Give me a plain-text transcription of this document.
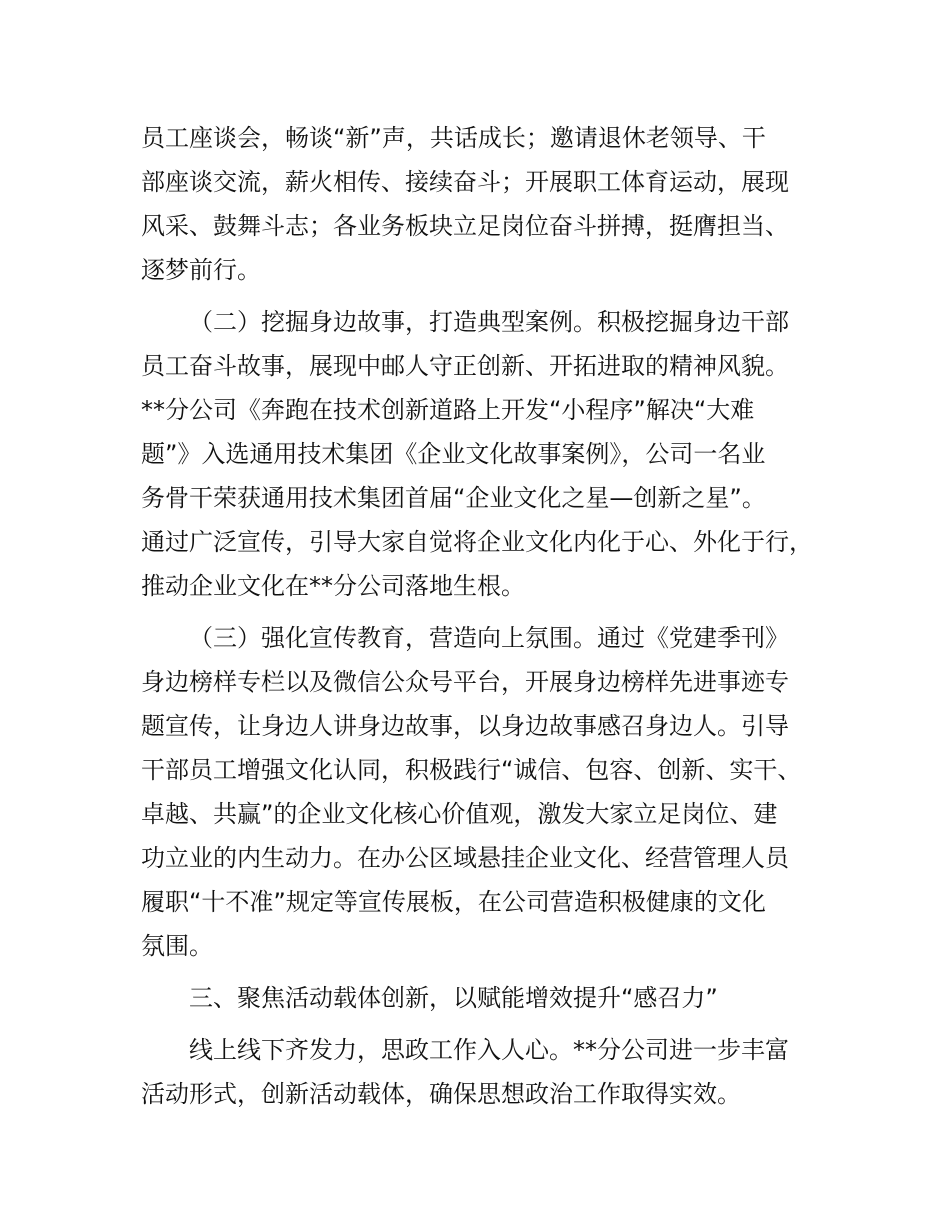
员工座谈会，畅谈“新”声，共话成长；邀请退休老领导、干
部座谈交流，薪火相传、接续奋斗；开展职工体育运动，展现
风采、鼓舞斗志；各业务板块立足岗位奋斗拼搏，挺膺担当、
逐梦前行。

（二）挖掘身边故事，打造典型案例。积极挖掘身边干部
员工奋斗故事，展现中邮人守正创新、开拓进取的精神风貌。
**分公司《奔跑在技术创新道路上开发“小程序”解决“大难
题”》入选通用技术集团《企业文化故事案例》，公司一名业
务骨干荣获通用技术集团首届“企业文化之星—创新之星”。
通过广泛宣传，引导大家自觉将企业文化内化于心、外化于行，
推动企业文化在**分公司落地生根。

（三）强化宣传教育，营造向上氛围。通过《党建季刊》
身边榜样专栏以及微信公众号平台，开展身边榜样先进事迹专
题宣传，让身边人讲身边故事，以身边故事感召身边人。引导
干部员工增强文化认同，积极践行“诚信、包容、创新、实干、
卓越、共赢”的企业文化核心价值观，激发大家立足岗位、建
功立业的内生动力。在办公区域悬挂企业文化、经营管理人员
履职“十不准”规定等宣传展板，在公司营造积极健康的文化
氛围。

三、聚焦活动载体创新，以赋能增效提升“感召力”

线上线下齐发力，思政工作入人心。**分公司进一步丰富
活动形式，创新活动载体，确保思想政治工作取得实效。
